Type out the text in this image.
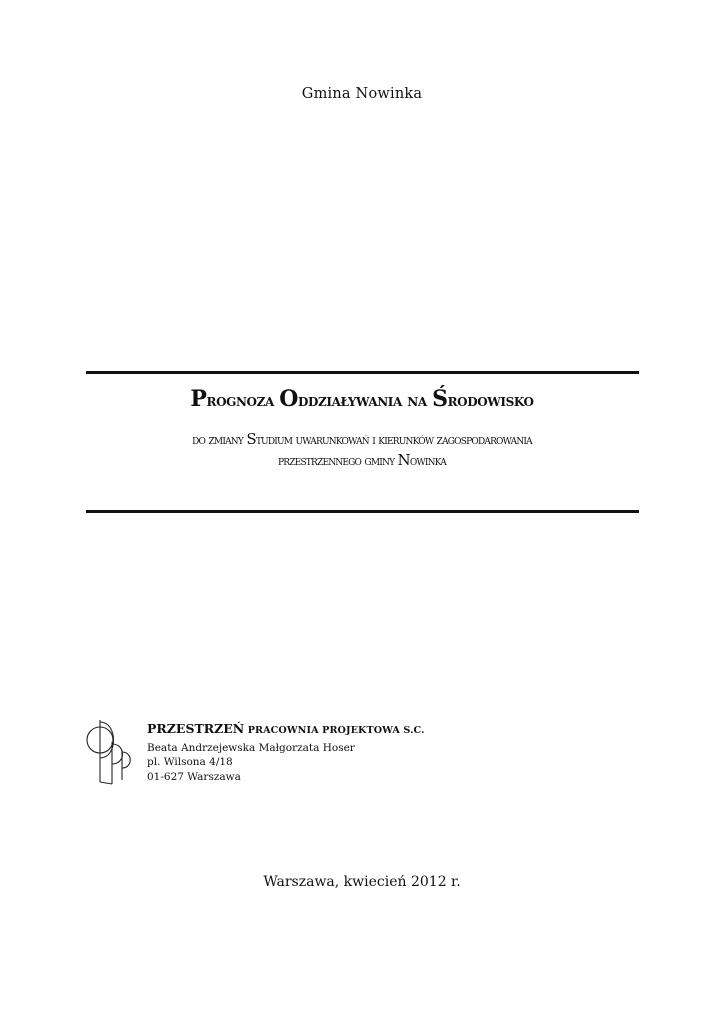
Gmina Nowinka
Prognoza Oddziaływania na Środowisko
do zmiany Studium uwarunkowań i kierunków zagospodarowania
przestrzennego gminy Nowinka
PRZESTRZEŃ PRACOWNIA PROJEKTOWA S.C.
Beata Andrzejewska Małgorzata Hoser
pl. Wilsona 4/18
01-627 Warszawa
Warszawa, kwiecień 2012 r.
